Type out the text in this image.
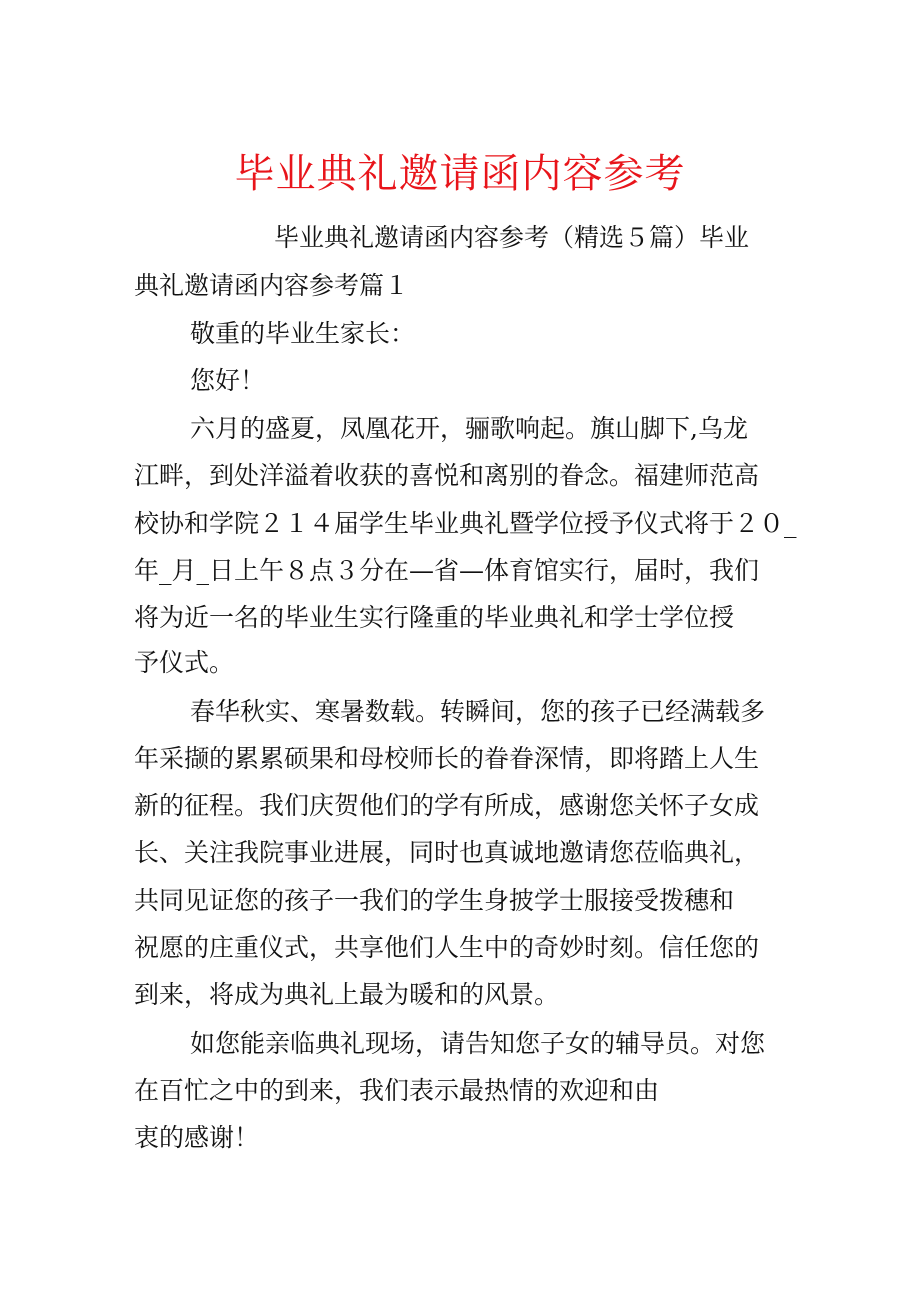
毕业典礼邀请函内容参考
毕业典礼邀请函内容参考（精选５篇）毕业
典礼邀请函内容参考篇１
敬重的毕业生家长：
您好！
六月的盛夏，凤凰花开，骊歌响起。旗山脚下,乌龙
江畔，到处洋溢着收获的喜悦和离别的眷念。福建师范高
校协和学院２１４届学生毕业典礼暨学位授予仪式将于２０_
年_月_日上午８点３分在—省—体育馆实行，届时，我们
将为近一名的毕业生实行隆重的毕业典礼和学士学位授
予仪式。
春华秋实、寒暑数载。转瞬间，您的孩子已经满载多
年采撷的累累硕果和母校师长的眷眷深情，即将踏上人生
新的征程。我们庆贺他们的学有所成，感谢您关怀子女成
长、关注我院事业进展，同时也真诚地邀请您莅临典礼，
共同见证您的孩子一我们的学生身披学士服接受拨穗和
祝愿的庄重仪式，共享他们人生中的奇妙时刻。信任您的
到来，将成为典礼上最为暖和的风景。
如您能亲临典礼现场，请告知您子女的辅导员。对您
在百忙之中的到来，我们表示最热情的欢迎和由
衷的感谢！
